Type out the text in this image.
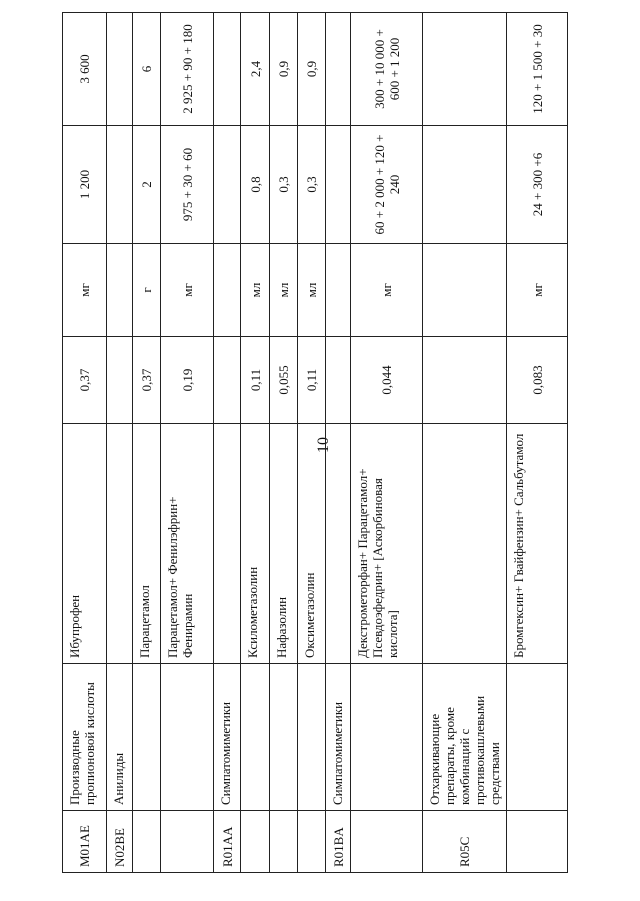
10
M01AE	Производные пропионовой кислоты	Ибупрофен	0,37	мг	1 200	3 600
N02BE	Анилиды					
		Парацетамол	0,37	г	2	6
		Парацетамол+ Фенилэфрин+ Фенирамин	0,19	мг	975 + 30 + 60	2 925 + 90 + 180
R01AA	Симпатомиметики					
		Ксилометазолин	0,11	мл	0,8	2,4
		Нафазолин	0,055	мл	0,3	0,9
		Оксиметазолин	0,11	мл	0,3	0,9
R01BA	Симпатомиметики					
		Декстрометорфан+ Парацетамол+ Псевдоэфедрин+ [Аскорбиновая кислота]	0,044	мг	60 + 2 000 + 120 + 240	300 + 10 000 + 600 + 1 200
R05C	Отхаркивающие препараты, кроме комбинаций с противокашлевыми средствами					
		Бромгексин+ Гвайфензин+ Сальбутамол	0,083	мг	24 + 300 +6	120 + 1 500 + 30
